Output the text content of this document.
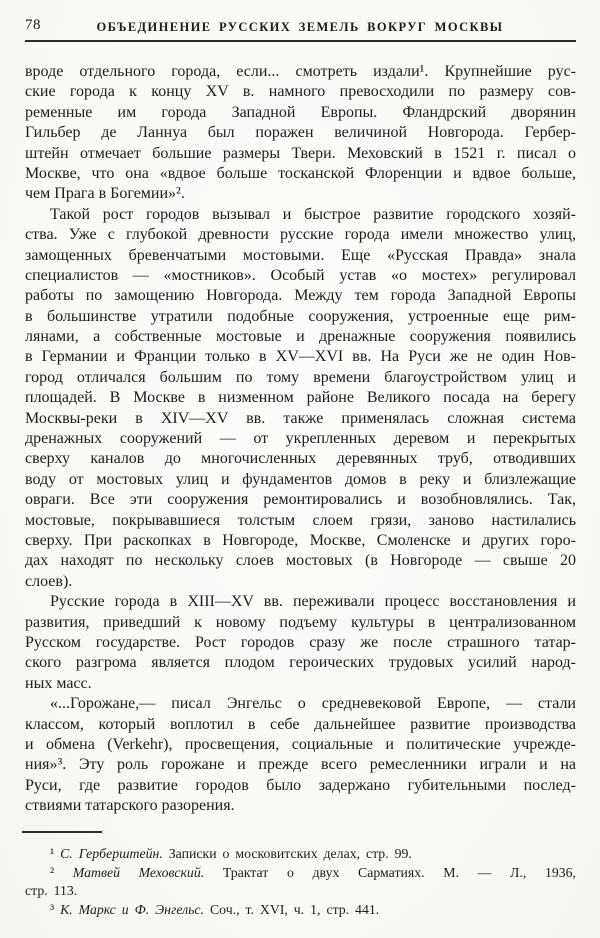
78	ОБЪЕДИНЕНИЕ РУССКИХ ЗЕМЕЛЬ ВОКРУГ МОСКВЫ
вроде отдельного города, если... смотреть издали¹. Крупнейшие рус-
ские города к концу XV в. намного превосходили по размеру сов-
ременные им города Западной Европы. Фландрский дворянин
Гильбер де Ланнуа был поражен величиной Новгорода. Гербер-
штейн отмечает большие размеры Твери. Меховский в 1521 г. писал о
Москве, что она «вдвое больше тосканской Флоренции и вдвое больше,
чем Прага в Богемии»².
Такой рост городов вызывал и быстрое развитие городского хозяй-
ства. Уже с глубокой древности русские города имели множество улиц,
замощенных бревенчатыми мостовыми. Еще «Русская Правда» знала
специалистов — «мостников». Особый устав «о мостех» регулировал
работы по замощению Новгорода. Между тем города Западной Европы
в большинстве утратили подобные сооружения, устроенные еще рим-
лянами, а собственные мостовые и дренажные сооружения появились
в Германии и Франции только в XV—XVI вв. На Руси же не один Нов-
город отличался большим по тому времени благоустройством улиц и
площадей. В Москве в низменном районе Великого посада на берегу
Москвы-реки в XIV—XV вв. также применялась сложная система
дренажных сооружений — от укрепленных деревом и перекрытых
сверху каналов до многочисленных деревянных труб, отводивших
воду от мостовых улиц и фундаментов домов в реку и близлежащие
овраги. Все эти сооружения ремонтировались и возобновлялись. Так,
мостовые, покрывавшиеся толстым слоем грязи, заново настилались
сверху. При раскопках в Новгороде, Москве, Смоленске и других горо-
дах находят по нескольку слоев мостовых (в Новгороде — свыше 20
слоев).
Русские города в XIII—XV вв. переживали процесс восстановления и
развития, приведший к новому подъему культуры в централизованном
Русском государстве. Рост городов сразу же после страшного татар-
ского разгрома является плодом героических трудовых усилий народ-
ных масс.
«...Горожане,— писал Энгельс о средневековой Европе, — стали
классом, который воплотил в себе дальнейшее развитие производства
и обмена (Verkehr), просвещения, социальные и политические учрежде-
ния»³. Эту роль горожане и прежде всего ремесленники играли и на
Руси, где развитие городов было задержано губительными послед-
ствиями татарского разорения.
¹ С. Герберштейн. Записки о московитских делах, стр. 99.
² Матвей Меховский. Трактат о двух Сарматиях. М. — Л., 1936,
стр. 113.
³ К. Маркс и Ф. Энгельс. Соч., т. XVI, ч. 1, стр. 441.
